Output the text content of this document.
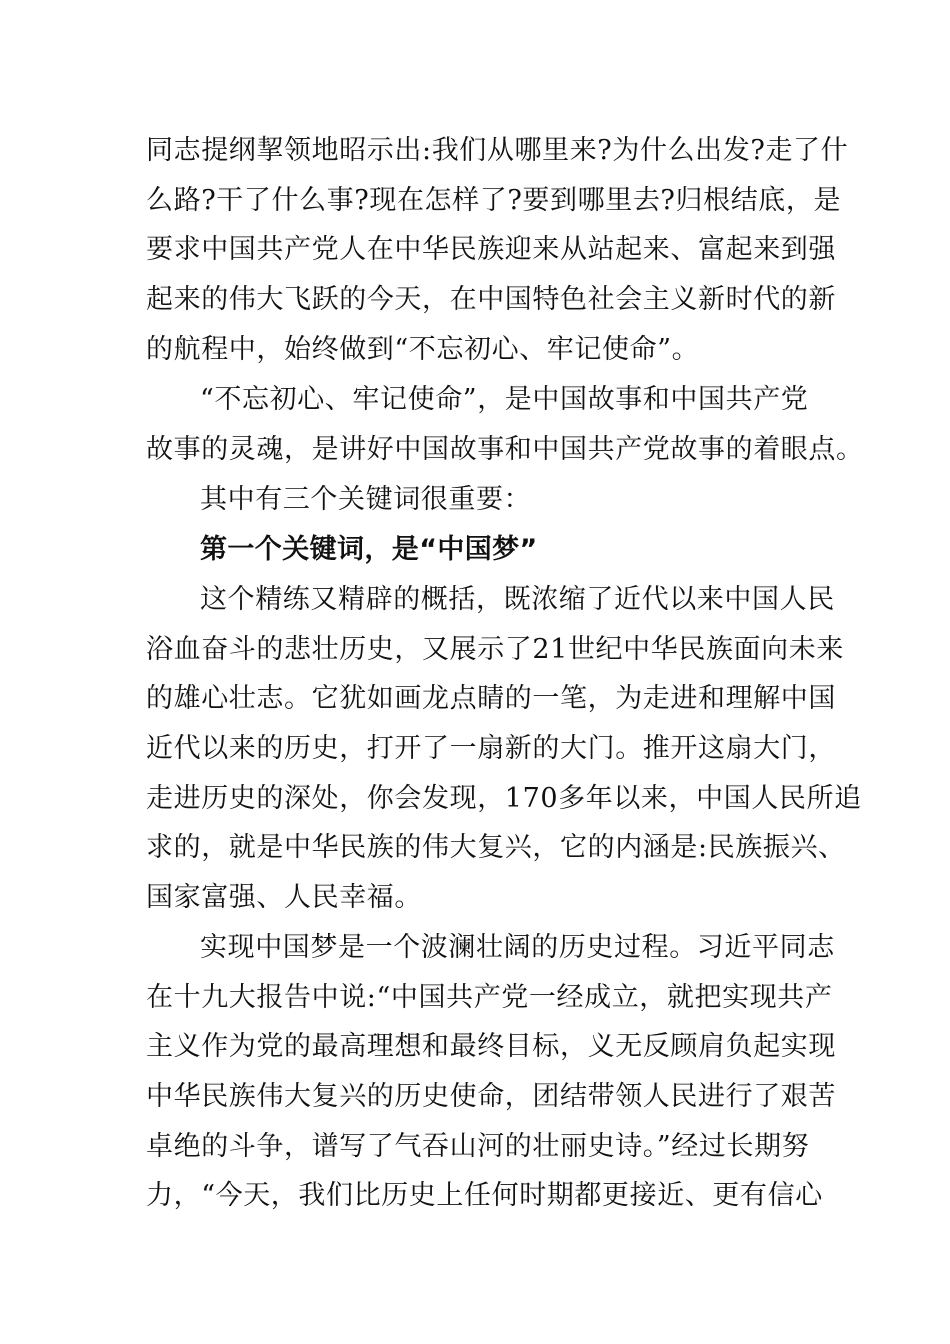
同志提纲挈领地昭示出:我们从哪里来?为什么出发?走了什
么路?干了什么事?现在怎样了?要到哪里去?归根结底，是
要求中国共产党人在中华民族迎来从站起来、富起来到强
起来的伟大飞跃的今天，在中国特色社会主义新时代的新
的航程中，始终做到“不忘初心、牢记使命”。
“不忘初心、牢记使命”，是中国故事和中国共产党
故事的灵魂，是讲好中国故事和中国共产党故事的着眼点。
其中有三个关键词很重要：
第一个关键词，是“中国梦”
这个精练又精辟的概括，既浓缩了近代以来中国人民
浴血奋斗的悲壮历史，又展示了21世纪中华民族面向未来
的雄心壮志。它犹如画龙点睛的一笔，为走进和理解中国
近代以来的历史，打开了一扇新的大门。推开这扇大门，
走进历史的深处，你会发现，170多年以来，中国人民所追
求的，就是中华民族的伟大复兴，它的内涵是:民族振兴、
国家富强、人民幸福。
实现中国梦是一个波澜壮阔的历史过程。习近平同志
在十九大报告中说:“中国共产党一经成立，就把实现共产
主义作为党的最高理想和最终目标，义无反顾肩负起实现
中华民族伟大复兴的历史使命，团结带领人民进行了艰苦
卓绝的斗争，谱写了气吞山河的壮丽史诗。”经过长期努
力，“今天，我们比历史上任何时期都更接近、更有信心
